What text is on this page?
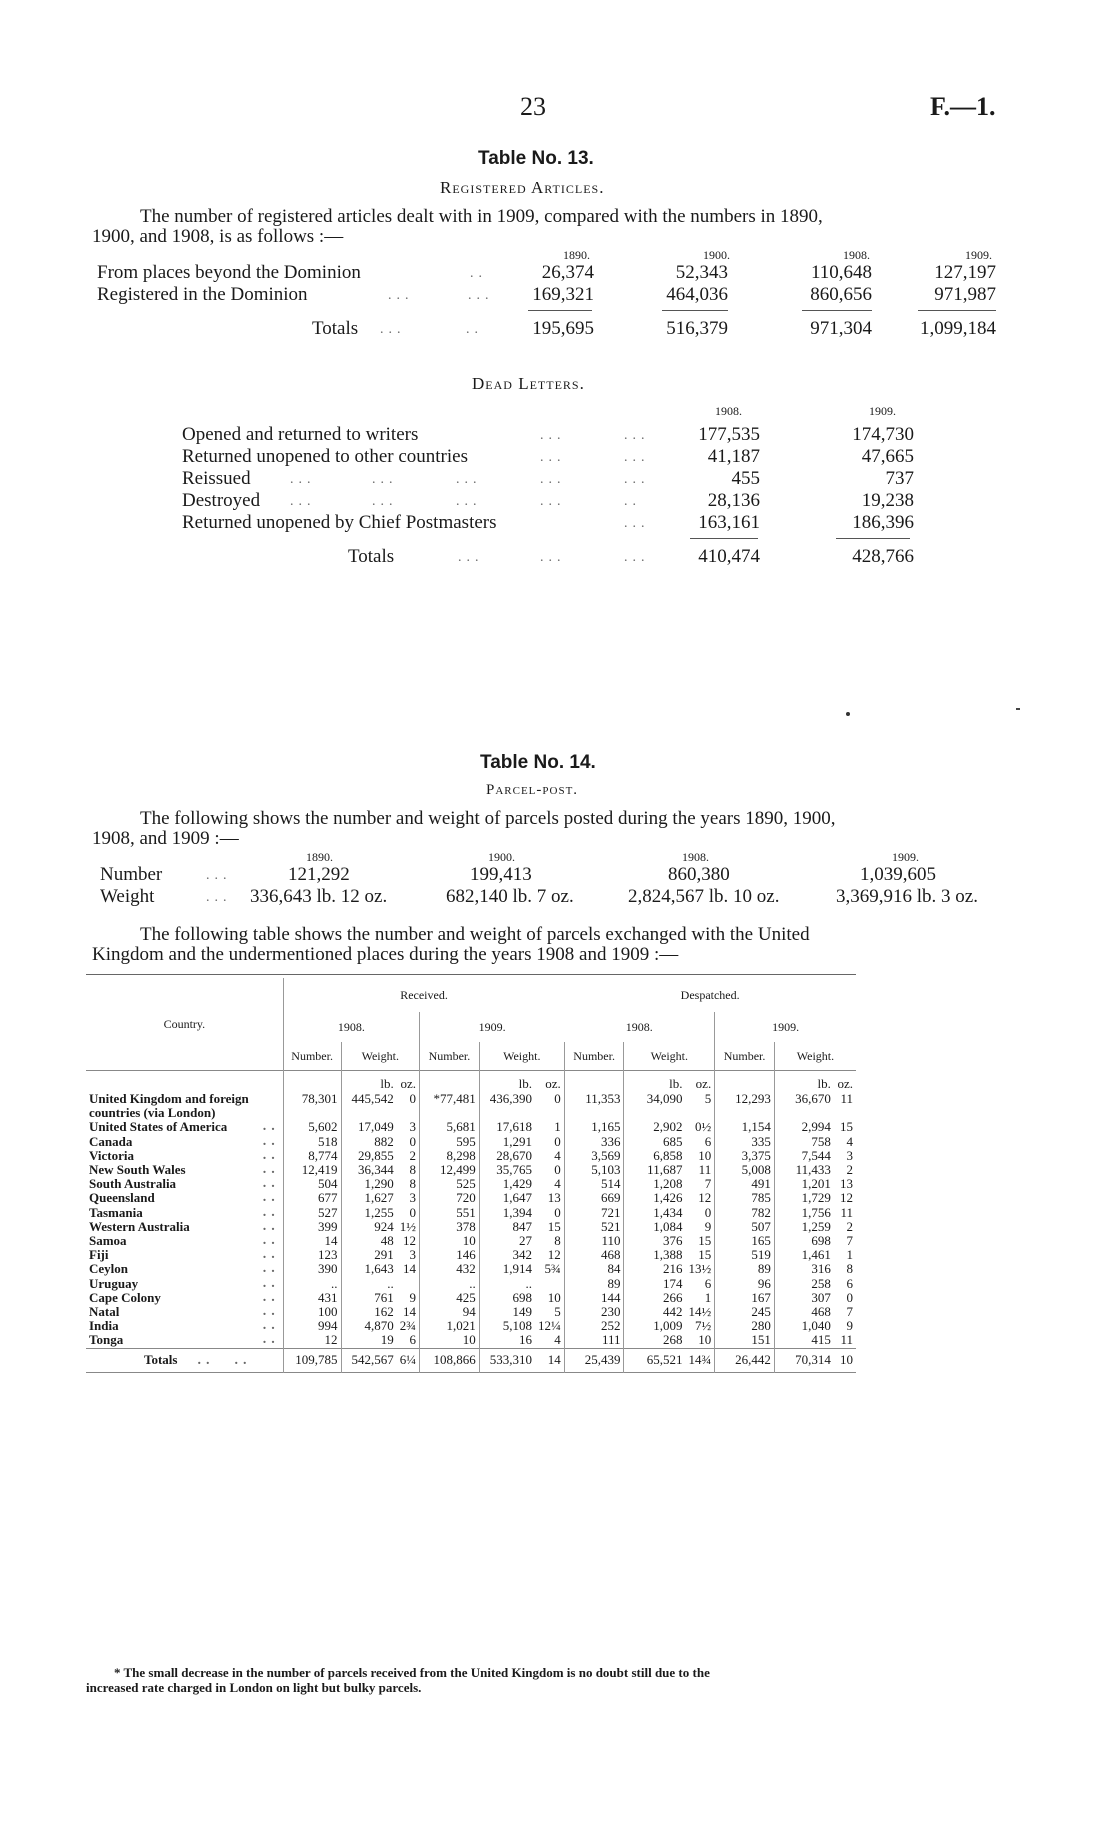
23	F.—1.
Table No. 13.
Registered Articles.
The number of registered articles dealt with in 1909, compared with the numbers in 1890,
1900, and 1908, is as follows :—
1890.	1900.	1908.	1909.
From places beyond the Dominion	..	26,374	52,343	110,648	127,197
Registered in the Dominion	...	...	169,321	464,036	860,656	971,987
Totals ...	..	195,695	516,379	971,304	1,099,184
Dead Letters.
1908.	1909.
Opened and returned to writers	...	...	177,535	174,730
Returned unopened to other countries	...	...	41,187	47,665
Reissued	...	...	...	...	...	455	737
Destroyed ...	...	...	...	..	28,136	19,238
Returned unopened by Chief Postmasters	...	163,161	186,396
Totals	...	...	...	410,474	428,766
Table No. 14.
Parcel-post.
The following shows the number and weight of parcels posted during the years 1890, 1900,
1908, and 1909 :—
1890.	1900.	1908.	1909.
Number	...	121,292	199,413	860,380	1,039,605
Weight	... 336,643 lb. 12 oz.	682,140 lb. 7 oz.	2,824,567 lb. 10 oz.	3,369,916 lb. 3 oz.
The following table shows the number and weight of parcels exchanged with the United
Kingdom and the undermentioned places during the years 1908 and 1909 :—
Country.	Received.						Despatched.					
	1908.			1909.			1908.			1909.		
	Number.	Weight.		Number.	Weight.		Number.	Weight.		Number.	Weight.	
		lb.	oz.		lb.	oz.		lb.	oz.		lb.	oz.
United Kingdom and foreign
countries (via London)	78,301	445,542	0	*77,481	436,390	0	11,353	34,090	5	12,293	36,670	11
United States of America ..	5,602	17,049	3	5,681	17,618	1	1,165	2,902	0½	1,154	2,994	15
Canada ..	518	882	0	595	1,291	0	336	685	6	335	758	4
Victoria ..	8,774	29,855	2	8,298	28,670	4	3,569	6,858	10	3,375	7,544	3
New South Wales ..	12,419	36,344	8	12,499	35,765	0	5,103	11,687	11	5,008	11,433	2
South Australia ..	504	1,290	8	525	1,429	4	514	1,208	7	491	1,201	13
Queensland ..	677	1,627	3	720	1,647	13	669	1,426	12	785	1,729	12
Tasmania ..	527	1,255	0	551	1,394	0	721	1,434	0	782	1,756	11
Western Australia ..	399	924	1½	378	847	15	521	1,084	9	507	1,259	2
Samoa ..	14	48	12	10	27	8	110	376	15	165	698	7
Fiji ..	123	291	3	146	342	12	468	1,388	15	519	1,461	1
Ceylon ..	390	1,643	14	432	1,914	5¾	84	216	13½	89	316	8
Uruguay ..	..	..		..	..		89	174	6	96	258	6
Cape Colony ..	431	761	9	425	698	10	144	266	1	167	307	0
Natal ..	100	162	14	94	149	5	230	442	14½	245	468	7
India ..	994	4,870	2¾	1,021	5,108	12¼	252	1,009	7½	280	1,040	9
Tonga ..	12	19	6	10	16	4	111	268	10	151	415	11
Totals .. ..	109,785	542,567	6¼	108,866	533,310	14	25,439	65,521	14¾	26,442	70,314	10
* The small decrease in the number of parcels received from the United Kingdom is no doubt still due to the
increased rate charged in London on light but bulky parcels.
